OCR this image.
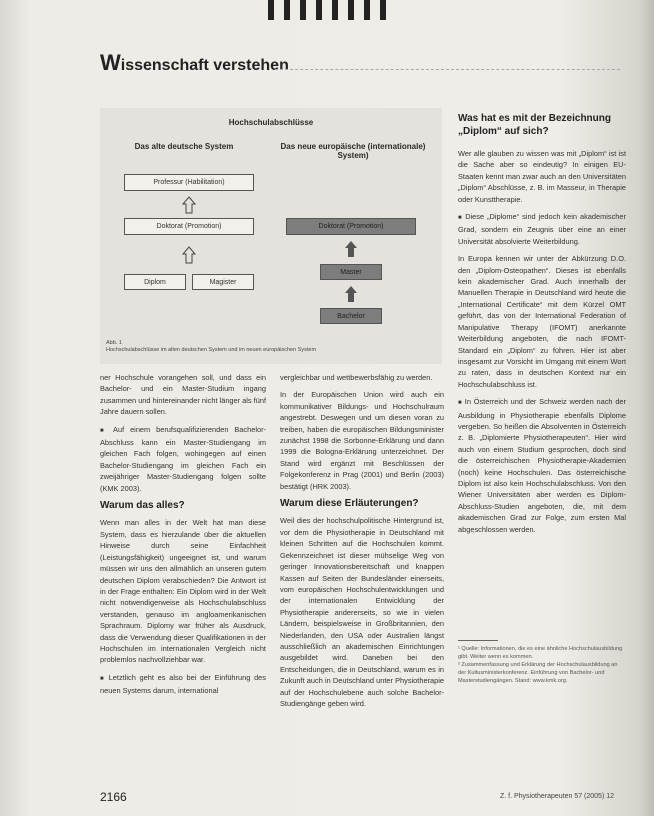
Wissenschaft verstehen
Hochschulabschlüsse
Das alte deutsche System	Das neue europäische (internationale) System)
Professur (Habilitation)
Doktorat (Promotion)
Diplom	Magister
Doktorat (Promotion)
Master
Bachelor
Abb. 1
Hochschulabschlüsse im alten deutschen System und im neuen europäischen System

ner Hochschule vorangehen soll, und dass ein Bachelor- und ein Master-Studium ingang zusammen und hintereinander nicht länger als fünf Jahre dauern sollen.

■ Auf einem berufsqualifizierenden Bachelor-Abschluss kann ein Master-Studiengang im gleichen Fach folgen, wohingegen auf einen Bachelor-Studiengang im gleichen Fach ein zweijähriger Master-Studiengang folgen sollte (KMK 2003).

Warum das alles?

Wenn man alles in der Welt hat man diese System, dass es hierzulande über die aktuellen Hinweise durch seine Einfachheit (Leistungsfähigkeit) ungeeignet ist, und warum müssen wir uns den allmählich an unseren gutem deutschen Diplom verabschieden? Die Antwort ist in der Frage enthalten: Ein Diplom wird in der Welt nicht notwendigerweise als Hochschulabschluss verstanden, genauso im angloamerikanischen Sprachraum. Diplomy war früher als Ausdruck, dass die Verwendung dieser Qualifikationen in der Hochschulen im internationalen Vergleich nicht problemlos nachvollziehbar war.

■ Letztlich geht es also bei der Einführung des neuen Systems darum, international

vergleichbar und wettbewerbsfähig zu werden.

In der Europäischen Union wird auch ein kommunikativer Bildungs- und Hochschulraum angestrebt. Deswegen und um diesen voran zu treiben, haben die europäischen Bildungsminister zunächst 1998 die Sorbonne-Erklärung und dann 1999 die Bologna-Erklärung unterzeichnet. Der Stand wird ergänzt mit Beschlüssen der Folgekonferenz in Prag (2001) und Berlin (2003) bestätigt (HRK 2003).

Warum diese Erläuterungen?

Weil dies der hochschulpolitische Hintergrund ist, vor dem die Physiotherapie in Deutschland mit kleinen Schritten auf die Hochschulen kommt. Gekennzeichnet ist dieser mühselige Weg von geringer Innovationsbereitschaft und knappen Kassen auf Seiten der Bundesländer einerseits, vom europäischen Hochschulentwicklungen und der internationalen Entwicklung der Physiotherapie andererseits, so wie in vielen Ländern, beispielsweise in Großbritannien, den Niederlanden, den USA oder Australien längst ausschließlich an akademischen Einrichtungen ausgebildet wird. Daneben bei den Entscheidungen, die in Deutschland, warum es in Zukunft auch in Deutschland unter Physiotherapie auf der Hochschulebene auch solche Bachelor-Studiengänge geben wird.

Was hat es mit der Bezeichnung „Diplom“ auf sich?

Wer alle glauben zu wissen was mit „Diplom“ ist ist die Sache aber so eindeutig? In einigen EU-Staaten kennt man zwar auch an den Universitäten „Diplom“ Abschlüsse, z. B. im Masseur, in Therapie oder Kunsttherapie.

■ Diese „Diplome“ sind jedoch kein akademischer Grad, sondern ein Zeugnis über eine an einer Universität absolvierte Weiterbildung.

In Europa kennen wir unter der Abkürzung D.O. den „Diplom-Osteopathen“. Dieses ist ebenfalls kein akademischer Grad. Auch innerhalb der Manuellen Therapie in Deutschland wird heute die „International Certificate“ mit dem Kürzel OMT geführt, das von der International Federation of Manipulative Therapy (IFOMT) anerkannte Weiterbildung angeboten, die nach IFOMT-Standard ein „Diplom“ zu führen. Hier ist aber insgesamt zur Vorsicht im Umgang mit einem Wort zu raten, dass in deutschen Kontext nur ein Hochschulabschluss ist.

■ In Österreich und der Schweiz werden nach der Ausbildung in Physiotherapie ebenfalls Diplome vergeben. So heißen die Absolventen in Österreich z. B. „Diplomierte Physiotherapeuten“. Hier wird auch von einem Studium gesprochen, doch sind die österreichischen Physiotherapie-Akademien (noch) keine Hochschulen. Das österreichische Diplom ist also kein Hochschulabschluss. Von den Wiener Universitäten aber werden es Diplom-Abschluss-Studien angeboten, die, mit dem akademischen Grad zur Folge, zum ersten Mal abgeschlossen werden.

¹ Quelle: Informationen, die es eine ähnliche Hochschulausbildung gibt. Weiter wenn es kommen.

² Zusammenfassung und Erklärung der Hochschulausbildung an der Kultusministerkonferenz. Einführung von Bachelor- und Masterstudiengängen. Stand: www.kmk.org.

2166	Z. f. Physiotherapeuten 57 (2005) 12
